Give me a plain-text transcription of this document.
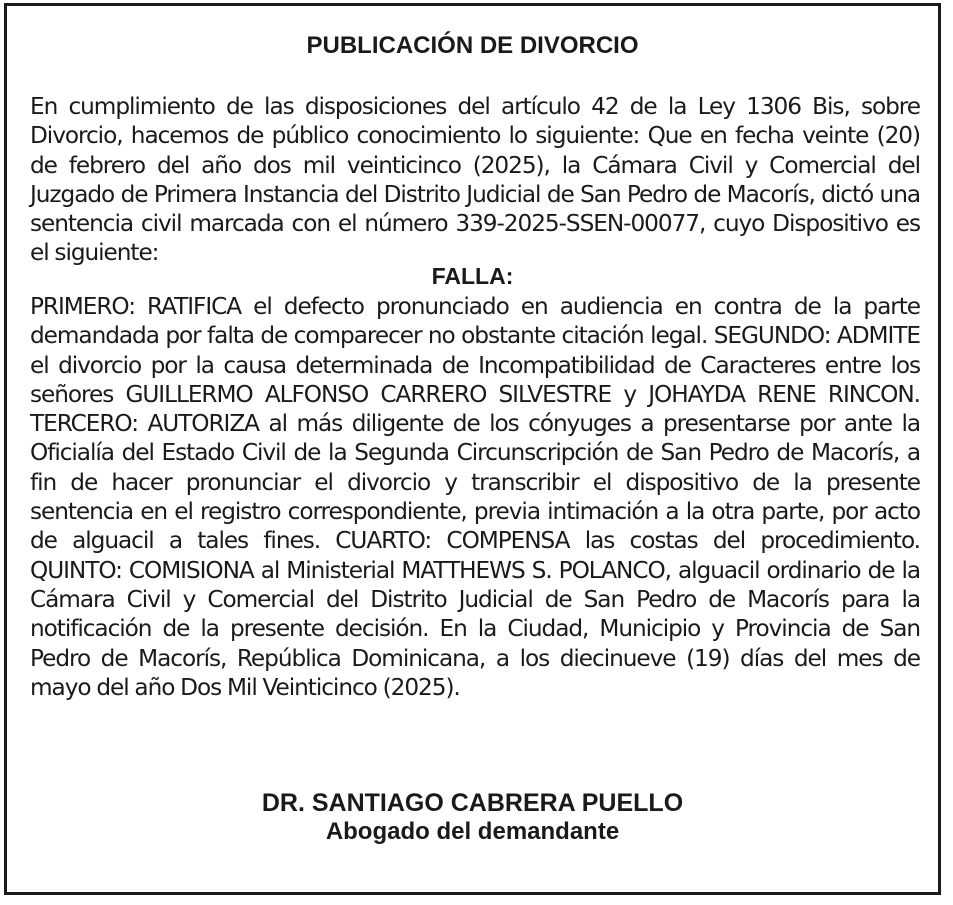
PUBLICACIÓN DE DIVORCIO
En cumplimiento de las disposiciones del artículo 42 de la Ley 1306 Bis, sobre Divorcio, hacemos de público conocimiento lo siguiente: Que en fecha veinte (20) de febrero del año dos mil veinticinco (2025), la Cámara Civil y Comercial del Juzgado de Primera Instancia del Distrito Judicial de San Pedro de Macorís, dictó una sentencia civil marcada con el número 339-2025-SSEN-00077, cuyo Dispositivo es el siguiente:
FALLA:
PRIMERO: RATIFICA el defecto pronunciado en audiencia en contra de la parte demandada por falta de comparecer no obstante citación legal. SEGUNDO: ADMITE el divorcio por la causa determinada de Incompatibilidad de Caracteres entre los señores GUILLERMO ALFONSO CARRERO SILVESTRE y JOHAYDA RENE RINCON. TERCERO: AUTORIZA al más diligente de los cónyuges a presentarse por ante la Oficialía del Estado Civil de la Segunda Circunscripción de San Pedro de Macorís, a fin de hacer pronunciar el divorcio y transcribir el dispositivo de la presente sentencia en el registro correspondiente, previa intimación a la otra parte, por acto de alguacil a tales fines. CUARTO: COMPENSA las costas del procedimiento. QUINTO: COMISIONA al Ministerial MATTHEWS S. POLANCO, alguacil ordinario de la Cámara Civil y Comercial del Distrito Judicial de San Pedro de Macorís para la notificación de la presente decisión. En la Ciudad, Municipio y Provincia de San Pedro de Macorís, República Dominicana, a los diecinueve (19) días del mes de mayo del año Dos Mil Veinticinco (2025).
DR. SANTIAGO CABRERA PUELLO
Abogado del demandante
